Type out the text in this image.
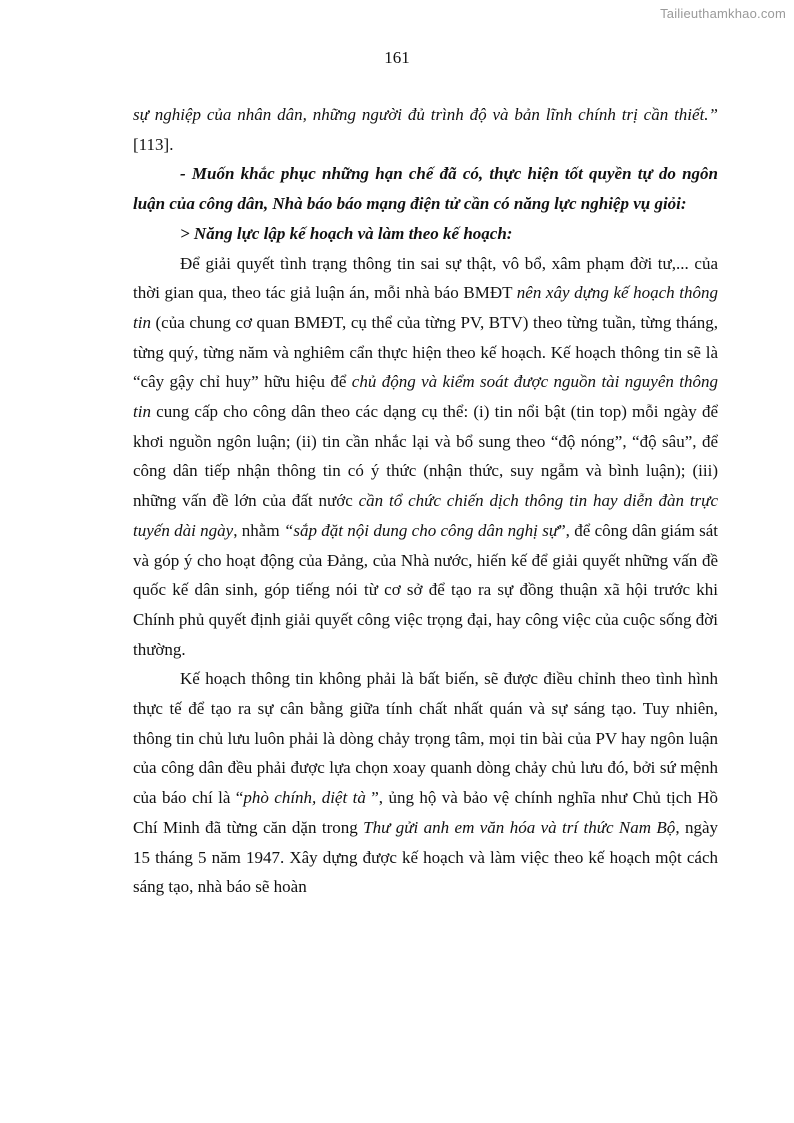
Tailieuthamkhao.com
161

sự nghiệp của nhân dân, những người đủ trình độ và bản lĩnh chính trị cần thiết.” [113].

- Muốn khắc phục những hạn chế đã có, thực hiện tốt quyền tự do ngôn luận của công dân, Nhà báo báo mạng điện tử cần có năng lực nghiệp vụ giỏi:

> Năng lực lập kế hoạch và làm theo kế hoạch:

Để giải quyết tình trạng thông tin sai sự thật, vô bổ, xâm phạm đời tư,... của thời gian qua, theo tác giả luận án, mỗi nhà báo BMĐT nên xây dựng kế hoạch thông tin (của chung cơ quan BMĐT, cụ thể của từng PV, BTV) theo từng tuần, từng tháng, từng quý, từng năm và nghiêm cẩn thực hiện theo kế hoạch. Kế hoạch thông tin sẽ là “cây gậy chỉ huy” hữu hiệu để chủ động và kiểm soát được nguồn tài nguyên thông tin cung cấp cho công dân theo các dạng cụ thể: (i) tin nổi bật (tin top) mỗi ngày để khơi nguồn ngôn luận; (ii) tin cần nhắc lại và bổ sung theo “độ nóng”, “độ sâu”, để công dân tiếp nhận thông tin có ý thức (nhận thức, suy ngẫm và bình luận); (iii) những vấn đề lớn của đất nước cần tổ chức chiến dịch thông tin hay diễn đàn trực tuyến dài ngày, nhằm “sắp đặt nội dung cho công dân nghị sự”, để công dân giám sát và góp ý cho hoạt động của Đảng, của Nhà nước, hiến kế để giải quyết những vấn đề quốc kế dân sinh, góp tiếng nói từ cơ sở để tạo ra sự đồng thuận xã hội trước khi Chính phủ quyết định giải quyết công việc trọng đại, hay công việc của cuộc sống đời thường.

Kế hoạch thông tin không phải là bất biến, sẽ được điều chỉnh theo tình hình thực tế để tạo ra sự cân bằng giữa tính chất nhất quán và sự sáng tạo. Tuy nhiên, thông tin chủ lưu luôn phải là dòng chảy trọng tâm, mọi tin bài của PV hay ngôn luận của công dân đều phải được lựa chọn xoay quanh dòng chảy chủ lưu đó, bởi sứ mệnh của báo chí là “phò chính, diệt tà ”, ủng hộ và bảo vệ chính nghĩa như Chủ tịch Hồ Chí Minh đã từng căn dặn trong Thư gửi anh em văn hóa và trí thức Nam Bộ, ngày 15 tháng 5 năm 1947. Xây dựng được kế hoạch và làm việc theo kế hoạch một cách sáng tạo, nhà báo sẽ hoàn
